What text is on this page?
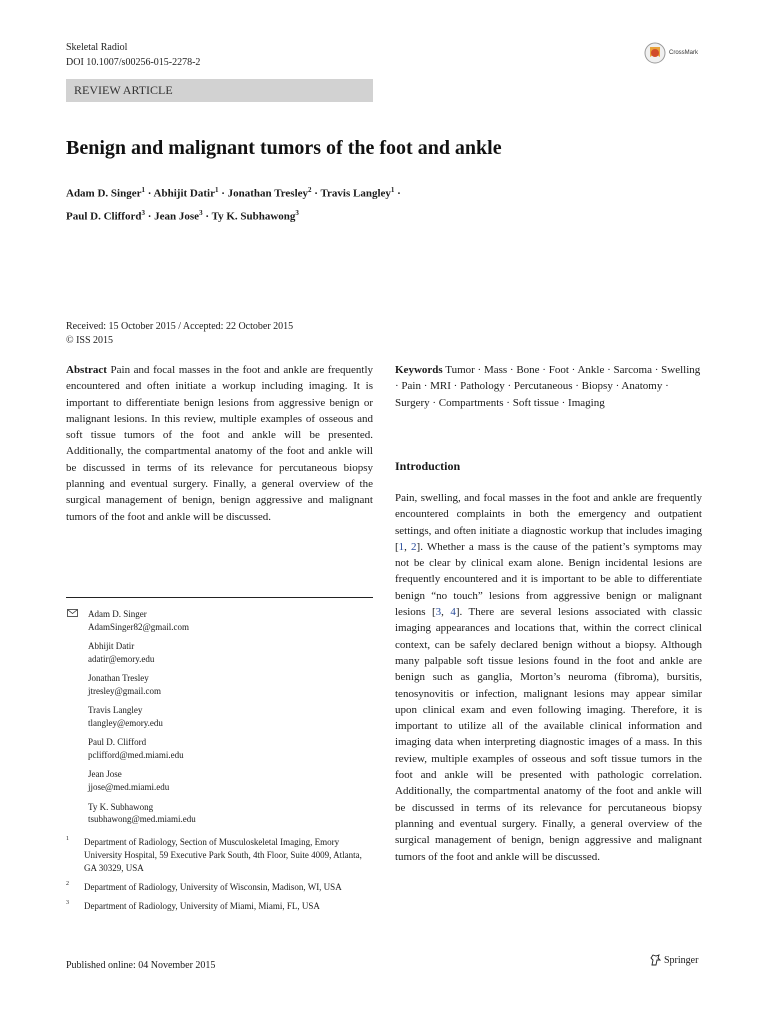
Skeletal Radiol
DOI 10.1007/s00256-015-2278-2
CrossMark
REVIEW ARTICLE
Benign and malignant tumors of the foot and ankle
Adam D. Singer$^1$ · Abhijit Datir$^1$ · Jonathan Tresley$^2$ · Travis Langley$^1$ ·
Paul D. Clifford$^3$ · Jean Jose$^3$ · Ty K. Subhawong$^3$
Received: 15 October 2015 / Accepted: 22 October 2015
© ISS 2015
Abstract Pain and focal masses in the foot and ankle are frequently encountered and often initiate a workup including imaging. It is important to differentiate benign lesions from aggressive benign or malignant lesions. In this review, multiple examples of osseous and soft tissue tumors of the foot and ankle will be presented. Additionally, the compartmental anatomy of the foot and ankle will be discussed in terms of its relevance for percutaneous biopsy planning and eventual surgery. Finally, a general overview of the surgical management of benign, benign aggressive and malignant tumors of the foot and ankle will be discussed.
Keywords Tumor · Mass · Bone · Foot · Ankle · Sarcoma · Swelling · Pain · MRI · Pathology · Percutaneous · Biopsy · Anatomy · Surgery · Compartments · Soft tissue · Imaging
Adam D. Singer
AdamSinger82@gmail.com
Abhijit Datir
adatir@emory.edu
Jonathan Tresley
jtresley@gmail.com
Travis Langley
tlangley@emory.edu
Paul D. Clifford
pclifford@med.miami.edu
Jean Jose
jjose@med.miami.edu
Ty K. Subhawong
tsubhawong@med.miami.edu
1 Department of Radiology, Section of Musculoskeletal Imaging, Emory University Hospital, 59 Executive Park South, 4th Floor, Suite 4009, Atlanta, GA 30329, USA
2 Department of Radiology, University of Wisconsin, Madison, WI, USA
3 Department of Radiology, University of Miami, Miami, FL, USA
Introduction
Pain, swelling, and focal masses in the foot and ankle are frequently encountered complaints in both the emergency and outpatient settings, and often initiate a diagnostic workup that includes imaging [1, 2]. Whether a mass is the cause of the patient’s symptoms may not be clear by clinical exam alone. Benign incidental lesions are frequently encountered and it is important to be able to differentiate benign “no touch” lesions from aggressive benign or malignant lesions [3, 4]. There are several lesions associated with classic imaging appearances and locations that, within the correct clinical context, can be safely declared benign without a biopsy. Although many palpable soft tissue lesions found in the foot and ankle are benign such as ganglia, Morton’s neuroma (fibroma), bursitis, tenosynovitis or infection, malignant lesions may appear similar upon clinical exam and even following imaging. Therefore, it is important to utilize all of the available clinical information and imaging data when interpreting diagnostic images of a mass. In this review, multiple examples of osseous and soft tissue tumors in the foot and ankle will be presented with pathologic correlation. Additionally, the compartmental anatomy of the foot and ankle will be discussed in terms of its relevance for percutaneous biopsy planning and eventual surgery. Finally, a general overview of the surgical management of benign, benign aggressive and malignant tumors of the foot and ankle will be discussed.
Published online: 04 November 2015	Springer
